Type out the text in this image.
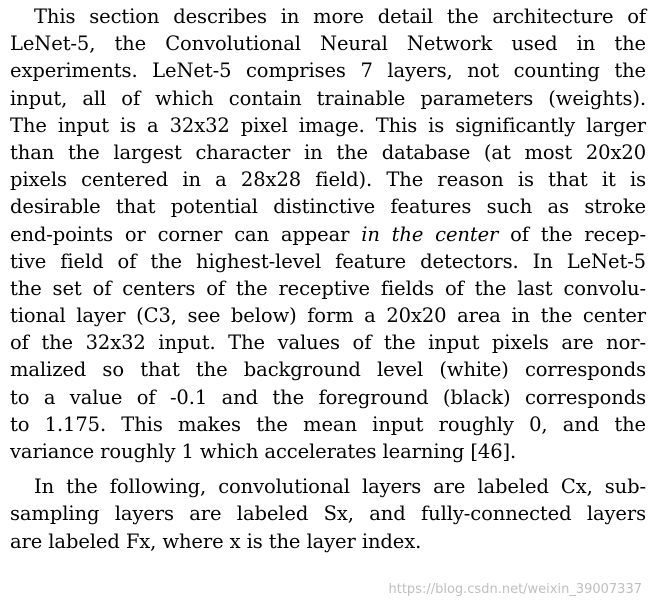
This section describes in more detail the architecture of
LeNet-5, the Convolutional Neural Network used in the
experiments. LeNet-5 comprises 7 layers, not counting the
input, all of which contain trainable parameters (weights).
The input is a 32x32 pixel image. This is significantly larger
than the largest character in the database (at most 20x20
pixels centered in a 28x28 field). The reason is that it is
desirable that potential distinctive features such as stroke
end-points or corner can appear in the center of the recep-
tive field of the highest-level feature detectors. In LeNet-5
the set of centers of the receptive fields of the last convolu-
tional layer (C3, see below) form a 20x20 area in the center
of the 32x32 input. The values of the input pixels are nor-
malized so that the background level (white) corresponds
to a value of -0.1 and the foreground (black) corresponds
to 1.175. This makes the mean input roughly 0, and the
variance roughly 1 which accelerates learning [46].
In the following, convolutional layers are labeled Cx, sub-
sampling layers are labeled Sx, and fully-connected layers
are labeled Fx, where x is the layer index.
https://blog.csdn.net/weixin_39007337
